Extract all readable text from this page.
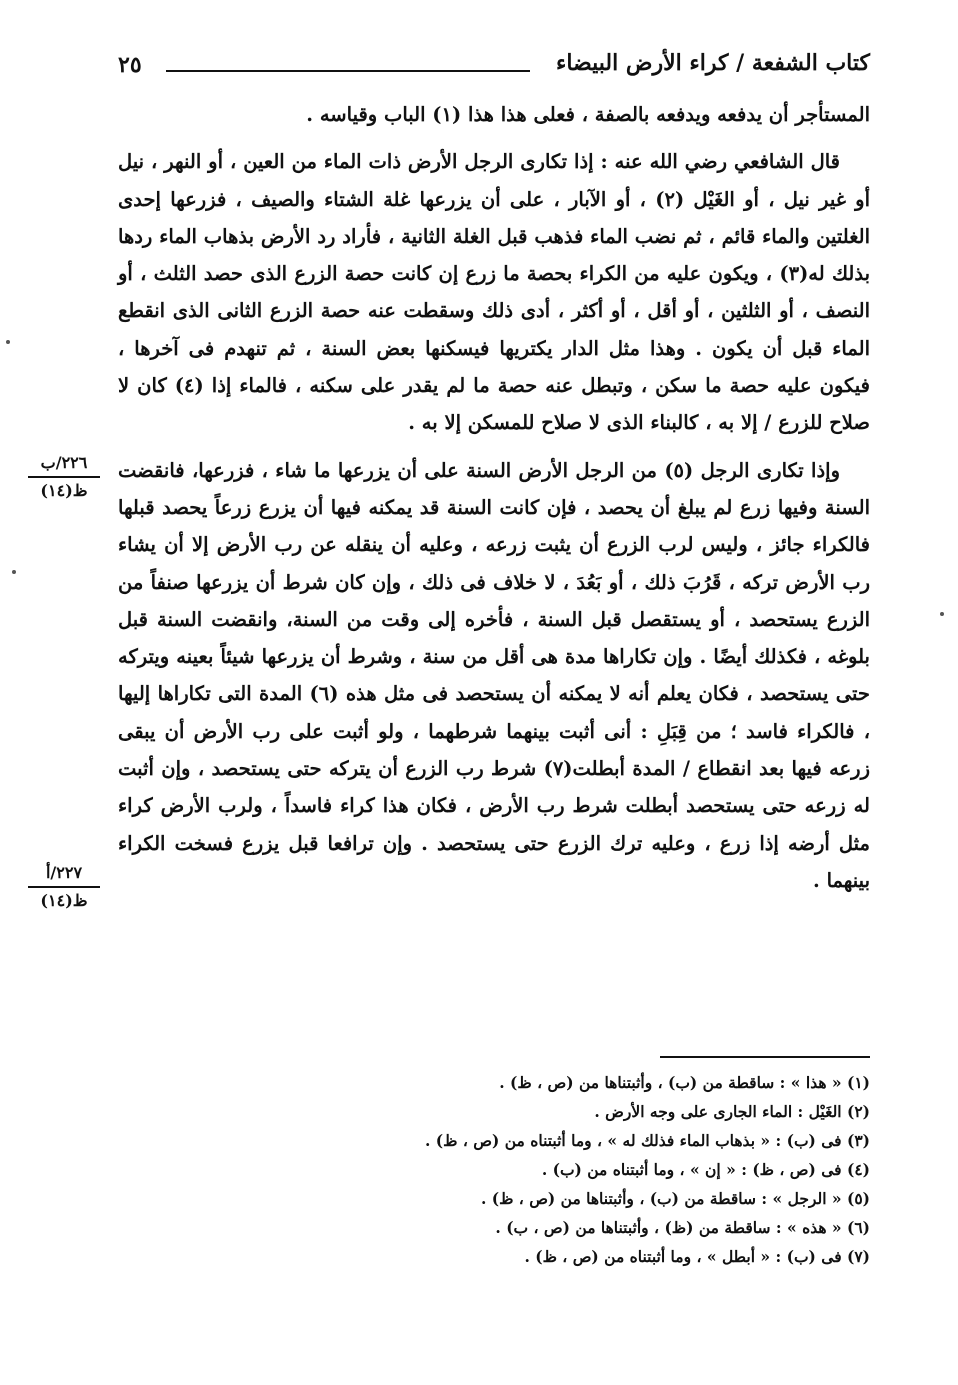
كتاب الشفعة / كراء الأرض البيضاء
٢٥

المستأجر أن يدفعه ويدفعه بالصفة ، فعلى هذا هذا (١) الباب وقياسه .

قال الشافعي رضي الله عنه : إذا تكارى الرجل الأرض ذات الماء من العين ، أو النهر ، نيل أو غير نيل ، أو الغَيْل (٢) ، أو الآبار ، على أن يزرعها غلة الشتاء والصيف ، فزرعها إحدى الغلتين والماء قائم ، ثم نضب الماء فذهب قبل الغلة الثانية ، فأراد رد الأرض بذهاب الماء ردها بذلك له(٣) ، ويكون عليه من الكراء بحصة ما زرع إن كانت حصة الزرع الذى حصد الثلث ، أو النصف ، أو الثلثين ، أو أقل ، أو أكثر ، أدى ذلك وسقطت عنه حصة الزرع الثانى الذى انقطع الماء قبل أن يكون . وهذا مثل الدار يكتريها فيسكنها بعض السنة ، ثم تنهدم فى آخرها ، فيكون عليه حصة ما سكن ، وتبطل عنه حصة ما لم يقدر على سكنه ، فالماء إذا (٤) كان لا صلاح للزرع / إلا به ، كالبناء الذى لا صلاح للمسكن إلا به .

وإذا تكارى الرجل (٥) من الرجل الأرض السنة على أن يزرعها ما شاء ، فزرعها، فانقضت السنة وفيها زرع لم يبلغ أن يحصد ، فإن كانت السنة قد يمكنه فيها أن يزرع زرعاً يحصد قبلها فالكراء جائز ، وليس لرب الزرع أن يثبت زرعه ، وعليه أن ينقله عن رب الأرض إلا أن يشاء رب الأرض تركه ، قَرُبَ ذلك ، أو بَعُدَ ، لا خلاف فى ذلك ، وإن كان شرط أن يزرعها صنفاً من الزرع يستحصد ، أو يستقصل قبل السنة ، فأخره إلى وقت من السنة، وانقضت السنة قبل بلوغه ، فكذلك أيضًا . وإن تكاراها مدة هى أقل من سنة ، وشرط أن يزرعها شيئاً بعينه ويتركه حتى يستحصد ، فكان يعلم أنه لا يمكنه أن يستحصد فى مثل هذه (٦) المدة التى تكاراها إليها ، فالكراء فاسد ؛ من قِبَلِ : أنى أثبت بينهما شرطهما ، ولو أثبت على رب الأرض أن يبقى زرعه فيها بعد انقطاع / المدة أبطلت(٧) شرط رب الزرع أن يتركه حتى يستحصد ، وإن أثبت له زرعه حتى يستحصد أبطلت شرط رب الأرض ، فكان هذا كراء فاسداً ، ولرب الأرض كراء مثل أرضه إذا زرع ، وعليه ترك الزرع حتى يستحصد . وإن ترافعا قبل يزرع فسخت الكراء بينهما .

٢٢٦/ب
ظ(١٤)
٢٢٧/أ
ظ(١٤)
(١) « هذا » : ساقطة من (ب) ، وأثبتناها من (ص ، ظ) .
(٢) الغَيْل : الماء الجارى على وجه الأرض .
(٣) فى (ب) : « بذهاب الماء فذلك له » ، وما أثبتناه من (ص ، ظ) .
(٤) فى (ص ، ظ) : « إن » ، وما أثبتناه من (ب) .
(٥) « الرجل » : ساقطة من (ب) ، وأثبتناها من (ص ، ظ) .
(٦) « هذه » : ساقطة من (ظ) ، وأثبتناها من (ص ، ب) .
(٧) فى (ب) : « أبطل » ، وما أثبتناه من (ص ، ظ) .
